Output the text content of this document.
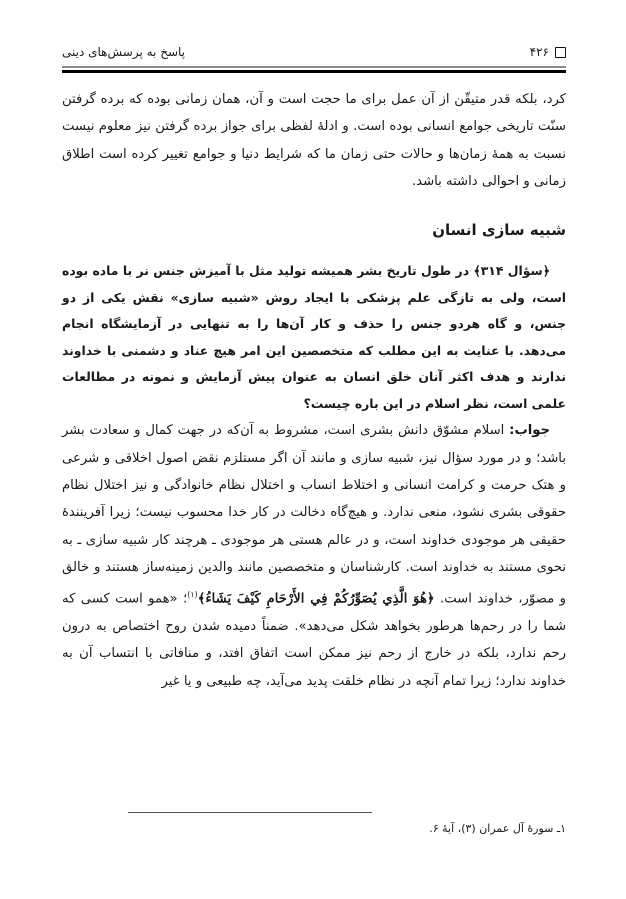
۴۲۶
پاسخ به پرسش‌های دینی

کرد، بلکه قدر متیقّن از آن عمل برای ما حجت است و آن، همان زمانی بوده که برده گرفتن سنّت تاریخی جوامع انسانی بوده است. و ادلهٔ لفظی برای جواز برده گرفتن نیز معلوم نیست نسبت به همهٔ زمان‌ها و حالات حتی زمان ما که شرایط دنیا و جوامع تغییر کرده است اطلاق زمانی و احوالی داشته باشد.

شبیه سازی انسان

﴿سؤال ۳۱۴﴾ در طول تاریخ بشر همیشه تولید مثل با آمیزش جنس نر با ماده بوده است، ولی به تازگی علم پزشکی با ایجاد روش «شبیه سازی» نقش یکی از دو جنس، و گاه هردو جنس را حذف و کار آن‌ها را به تنهایی در آزمایشگاه انجام می‌دهد. با عنایت به این مطلب که متخصصین این امر هیچ عناد و دشمنی با خداوند ندارند و هدف اکثر آنان خلق انسان به عنوان پیش آزمایش و نمونه در مطالعات علمی است، نظر اسلام در این باره چیست؟

جواب: اسلام مشوّق دانش بشری است، مشروط به آن‌که در جهت کمال و سعادت بشر باشد؛ و در مورد سؤال نیز، شبیه سازی و مانند آن اگر مستلزم نقض اصول اخلاقی و شرعی و هتک حرمت و کرامت انسانی و اختلاط انساب و اختلال نظام خانوادگی و نیز اختلال نظام حقوقی بشری نشود، منعی ندارد. و هیچ‌گاه دخالت در کار خدا محسوب نیست؛ زیرا آفرینندهٔ حقیقی هر موجودی خداوند است، و در عالم هستی هر موجودی ـ هرچند کار شبیه سازی ـ به نحوی مستند به خداوند است. کارشناسان و متخصصین مانند والدین زمینه‌ساز هستند و خالق و مصوّر، خداوند است. ﴿هُوَ الَّذِي يُصَوِّرُكُمْ فِي الأَرْحَامِ كَيْفَ يَشَاءُ﴾$^{(۱)}$؛ «همو است کسی که شما را در رحم‌ها هرطور بخواهد شکل می‌دهد». ضمناً دمیده شدن روح اختصاص به درون رحم ندارد، بلکه در خارج از رحم نیز ممکن است اتفاق افتد، و منافاتی با انتساب آن به خداوند ندارد؛ زیرا تمام آنچه در نظام خلقت پدید می‌آید، چه طبیعی و یا غیر

۱ـ سورهٔ آل عمران (۳)، آیهٔ ۶.
